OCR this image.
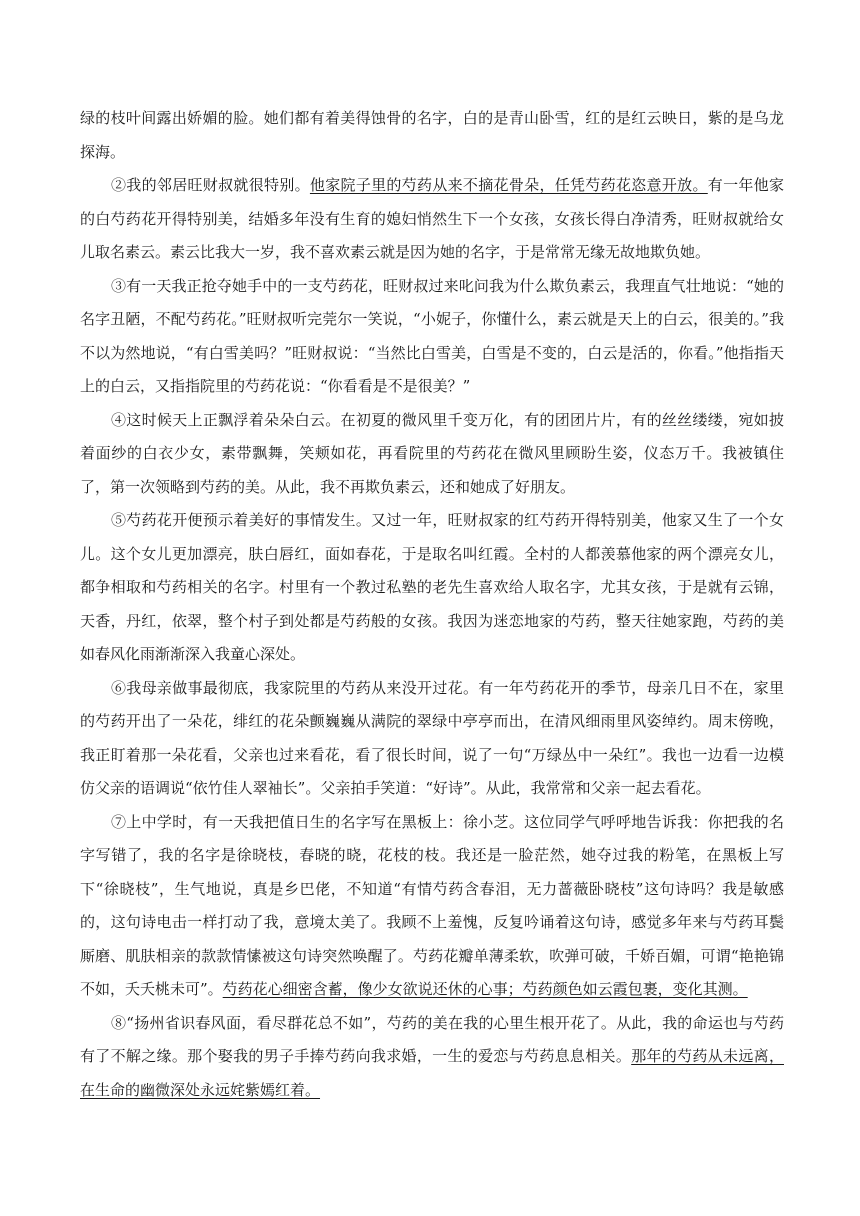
绿的枝叶间露出娇媚的脸。她们都有着美得蚀骨的名字，白的是青山卧雪，红的是红云映日，紫的是乌龙探海。

②我的邻居旺财叔就很特别。他家院子里的芍药从来不摘花骨朵，任凭芍药花恣意开放。有一年他家的白芍药花开得特别美，结婚多年没有生育的媳妇悄然生下一个女孩，女孩长得白净清秀，旺财叔就给女儿取名素云。素云比我大一岁，我不喜欢素云就是因为她的名字，于是常常无缘无故地欺负她。

③有一天我正抢夺她手中的一支芍药花，旺财叔过来叱问我为什么欺负素云，我理直气壮地说：“她的名字丑陋，不配芍药花。”旺财叔听完莞尔一笑说，“小妮子，你懂什么，素云就是天上的白云，很美的。”我不以为然地说，“有白雪美吗？”旺财叔说：“当然比白雪美，白雪是不变的，白云是活的，你看。”他指指天上的白云，又指指院里的芍药花说：“你看看是不是很美？”

④这时候天上正飘浮着朵朵白云。在初夏的微风里千变万化，有的团团片片，有的丝丝缕缕，宛如披着面纱的白衣少女，素带飘舞，笑颊如花，再看院里的芍药花在微风里顾盼生姿，仪态万千。我被镇住了，第一次领略到芍药的美。从此，我不再欺负素云，还和她成了好朋友。

⑤芍药花开便预示着美好的事情发生。又过一年，旺财叔家的红芍药开得特别美，他家又生了一个女儿。这个女儿更加漂亮，肤白唇红，面如春花，于是取名叫红霞。全村的人都羡慕他家的两个漂亮女儿，都争相取和芍药相关的名字。村里有一个教过私塾的老先生喜欢给人取名字，尤其女孩，于是就有云锦，天香，丹红，依翠，整个村子到处都是芍药般的女孩。我因为迷恋地家的芍药，整天往她家跑，芍药的美如春风化雨渐渐深入我童心深处。

⑥我母亲做事最彻底，我家院里的芍药从来没开过花。有一年芍药花开的季节，母亲几日不在，家里的芍药开出了一朵花，绯红的花朵颤巍巍从满院的翠绿中亭亭而出，在清风细雨里风姿绰约。周末傍晚，我正盯着那一朵花看，父亲也过来看花，看了很长时间，说了一句“万绿丛中一朵红”。我也一边看一边模仿父亲的语调说“依竹佳人翠袖长”。父亲拍手笑道：“好诗”。从此，我常常和父亲一起去看花。

⑦上中学时，有一天我把值日生的名字写在黑板上：徐小芝。这位同学气呼呼地告诉我：你把我的名字写错了，我的名字是徐晓枝，春晓的晓，花枝的枝。我还是一脸茫然，她夺过我的粉笔，在黑板上写下“徐晓枝”，生气地说，真是乡巴佬，不知道“有情芍药含春泪，无力蔷薇卧晓枝”这句诗吗？我是敏感的，这句诗电击一样打动了我，意境太美了。我顾不上羞愧，反复吟诵着这句诗，感觉多年来与芍药耳鬓厮磨、肌肤相亲的款款情愫被这句诗突然唤醒了。芍药花瓣单薄柔软，吹弹可破，千娇百媚，可谓“艳艳锦不如，夭夭桃未可”。芍药花心细密含蓄，像少女欲说还休的心事；芍药颜色如云霞包裹，变化其测。

⑧“扬州省识春风面，看尽群花总不如”，芍药的美在我的心里生根开花了。从此，我的命运也与芍药有了不解之缘。那个娶我的男子手捧芍药向我求婚，一生的爱恋与芍药息息相关。那年的芍药从未远离，在生命的幽微深处永远姹紫嫣红着。
